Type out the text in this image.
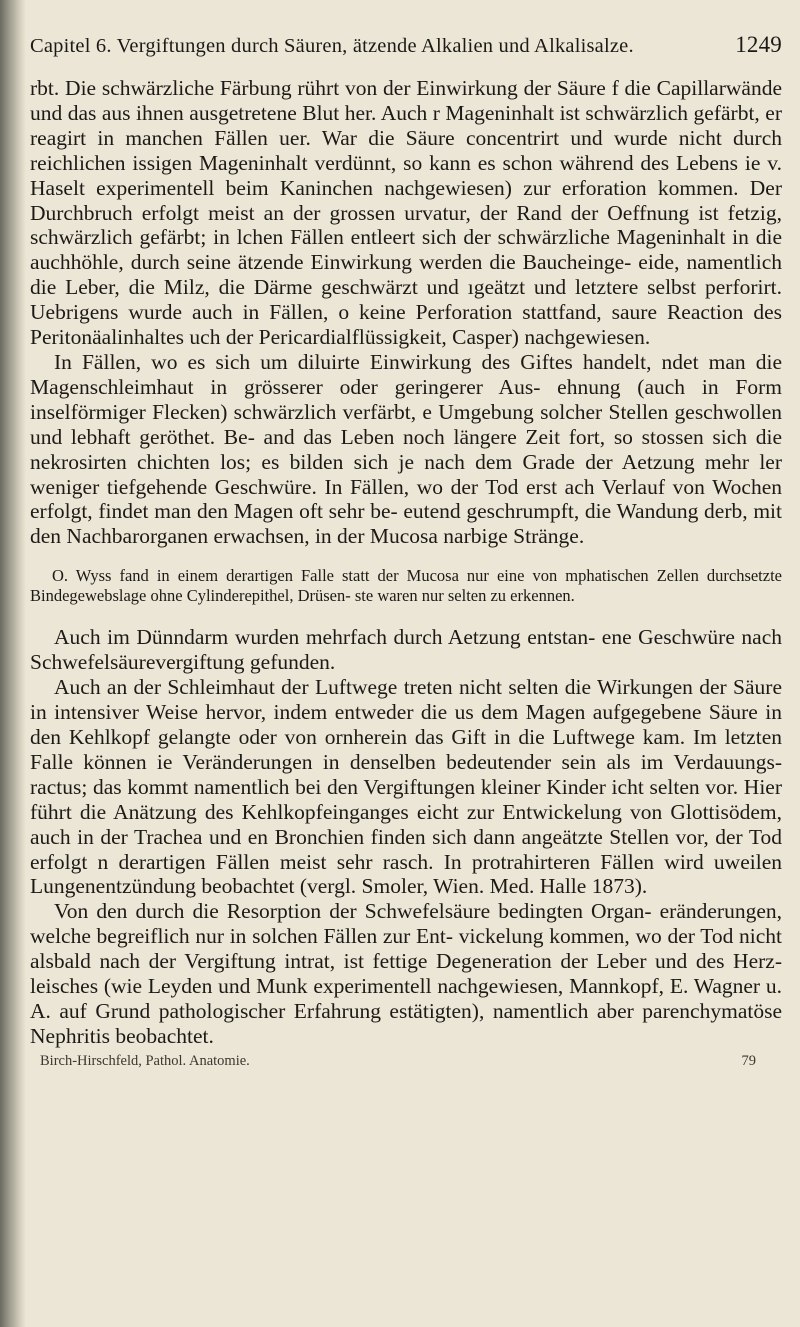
Capitel 6. Vergiftungen durch Säuren, ätzende Alkalien und Alkalisalze.	1249

rbt. Die schwärzliche Färbung rührt von der Einwirkung der Säure f die Capillarwände und das aus ihnen ausgetretene Blut her. Auch r Mageninhalt ist schwärzlich gefärbt, er reagirt in manchen Fällen uer. War die Säure concentrirt und wurde nicht durch reichlichen issigen Mageninhalt verdünnt, so kann es schon während des Lebens ie v. Haselt experimentell beim Kaninchen nachgewiesen) zur erforation kommen. Der Durchbruch erfolgt meist an der grossen urvatur, der Rand der Oeffnung ist fetzig, schwärzlich gefärbt; in lchen Fällen entleert sich der schwärzliche Mageninhalt in die auchhöhle, durch seine ätzende Einwirkung werden die Baucheinge- eide, namentlich die Leber, die Milz, die Därme geschwärzt und ıgeätzt und letztere selbst perforirt. Uebrigens wurde auch in Fällen, o keine Perforation stattfand, saure Reaction des Peritonäalinhaltes uch der Pericardialflüssigkeit, Casper) nachgewiesen.

In Fällen, wo es sich um diluirte Einwirkung des Giftes handelt, ndet man die Magenschleimhaut in grösserer oder geringerer Aus- ehnung (auch in Form inselförmiger Flecken) schwärzlich verfärbt, e Umgebung solcher Stellen geschwollen und lebhaft geröthet. Be- and das Leben noch längere Zeit fort, so stossen sich die nekrosirten chichten los; es bilden sich je nach dem Grade der Aetzung mehr ler weniger tiefgehende Geschwüre. In Fällen, wo der Tod erst ach Verlauf von Wochen erfolgt, findet man den Magen oft sehr be- eutend geschrumpft, die Wandung derb, mit den Nachbarorganen erwachsen, in der Mucosa narbige Stränge.

O. Wyss fand in einem derartigen Falle statt der Mucosa nur eine von mphatischen Zellen durchsetzte Bindegewebslage ohne Cylinderepithel, Drüsen- ste waren nur selten zu erkennen.

Auch im Dünndarm wurden mehrfach durch Aetzung entstan- ene Geschwüre nach Schwefelsäurevergiftung gefunden.

Auch an der Schleimhaut der Luftwege treten nicht selten die Wirkungen der Säure in intensiver Weise hervor, indem entweder die us dem Magen aufgegebene Säure in den Kehlkopf gelangte oder von ornherein das Gift in die Luftwege kam. Im letzten Falle können ie Veränderungen in denselben bedeutender sein als im Verdauungs- ractus; das kommt namentlich bei den Vergiftungen kleiner Kinder icht selten vor. Hier führt die Anätzung des Kehlkopfeinganges eicht zur Entwickelung von Glottisödem, auch in der Trachea und en Bronchien finden sich dann angeätzte Stellen vor, der Tod erfolgt n derartigen Fällen meist sehr rasch. In protrahirteren Fällen wird uweilen Lungenentzündung beobachtet (vergl. Smoler, Wien. Med. Halle 1873).

Von den durch die Resorption der Schwefelsäure bedingten Organ- eränderungen, welche begreiflich nur in solchen Fällen zur Ent- vickelung kommen, wo der Tod nicht alsbald nach der Vergiftung intrat, ist fettige Degeneration der Leber und des Herz- leisches (wie Leyden und Munk experimentell nachgewiesen, Mannkopf, E. Wagner u. A. auf Grund pathologischer Erfahrung estätigten), namentlich aber parenchymatöse Nephritis beobachtet.

Birch-Hirschfeld, Pathol. Anatomie.	79
